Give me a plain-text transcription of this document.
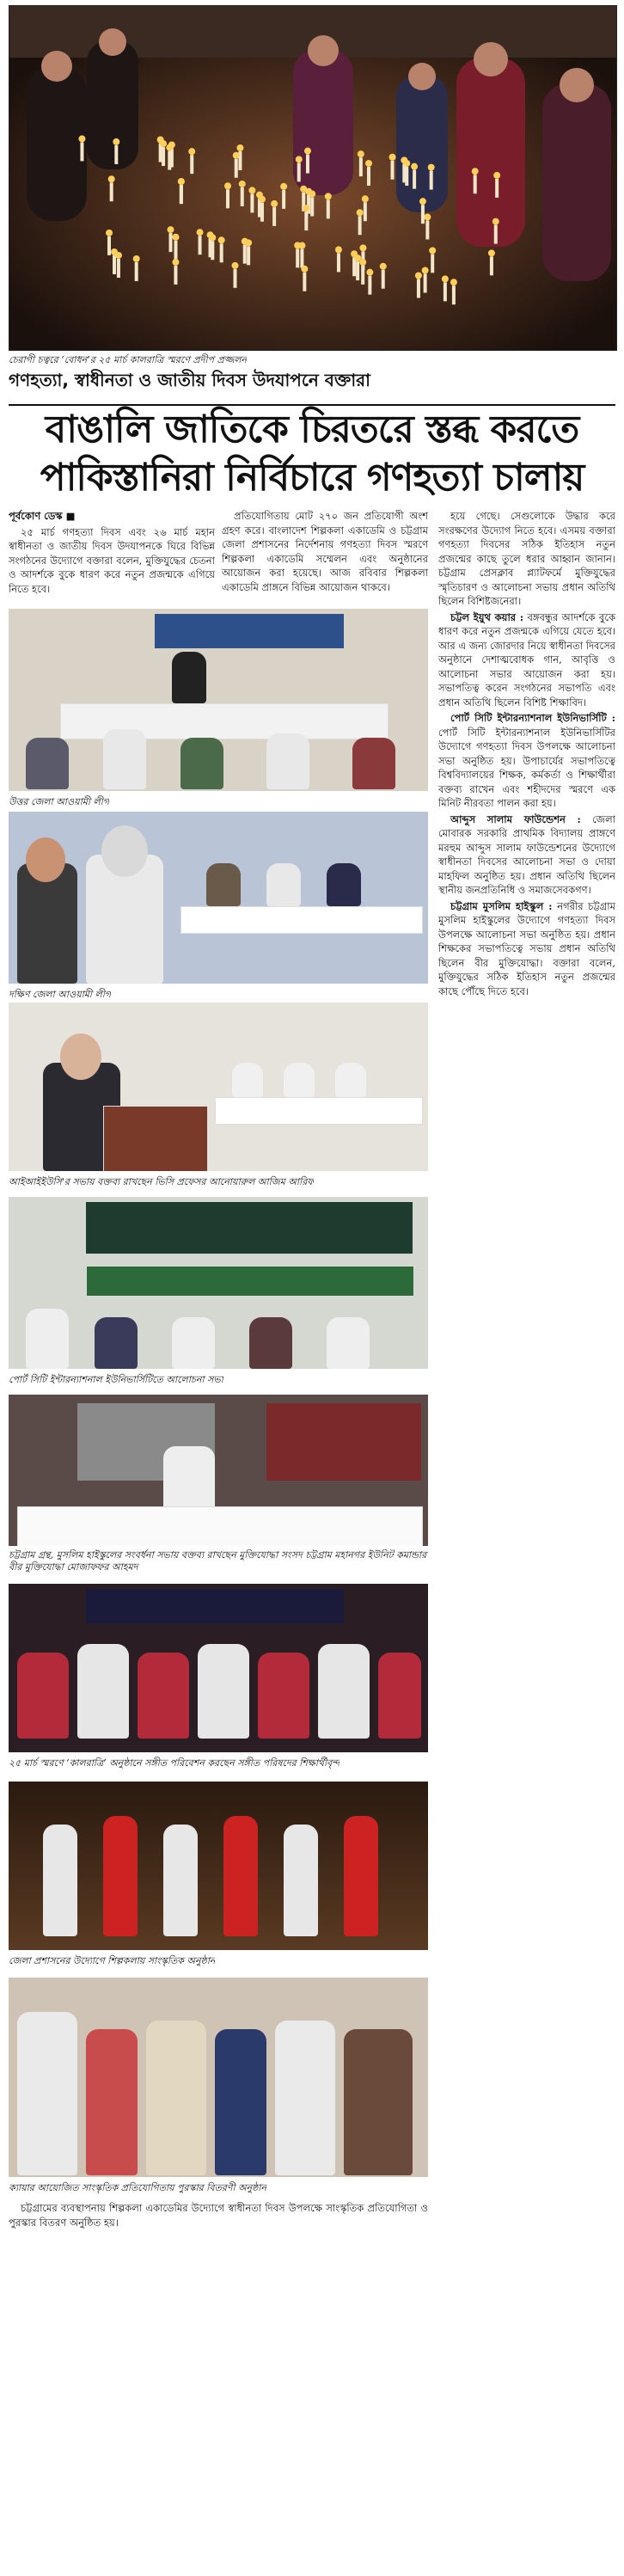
চেরাগী চত্বরে ‘বোধন’র ২৫ মার্চ কালরাত্রি স্মরণে প্রদীপ প্রজ্জলন
গণহত্যা, স্বাধীনতা ও জাতীয় দিবস উদযাপনে বক্তারা
বাঙালি জাতিকে চিরতরে স্তব্ধ করতে
পাকিস্তানিরা নির্বিচারে গণহত্যা চালায়

পূর্বকোণ ডেস্ক ■

২৫ মার্চ গণহত্যা দিবস এবং ২৬ মার্চ মহান স্বাধীনতা ও জাতীয় দিবস উদযাপনকে ঘিরে বিভিন্ন সংগঠনের উদ্যোগে বক্তারা বলেন, মুক্তিযুদ্ধের চেতনা ও আদর্শকে বুকে ধারণ করে নতুন প্রজন্মকে এগিয়ে নিতে হবে।

প্রতিযোগিতায় মোট ২৭০ জন প্রতিযোগী অংশ গ্রহণ করে। বাংলাদেশ শিল্পকলা একাডেমি ও চট্টগ্রাম জেলা প্রশাসনের নির্দেশনায় গণহত্যা দিবস স্মরণে শিল্পকলা একাডেমি সম্মেলন এবং অনুষ্ঠানের আয়োজন করা হয়েছে। আজ রবিবার শিল্পকলা একাডেমি প্রাঙ্গনে বিভিন্ন আয়োজন থাকবে।

হয়ে গেছে। সেগুলোকে উদ্ধার করে সংরক্ষণের উদ্যোগ নিতে হবে। এসময় বক্তারা গণহত্যা দিবসের সঠিক ইতিহাস নতুন প্রজন্মের কাছে তুলে ধরার আহ্বান জানান। চট্টগ্রাম প্রেসক্লাব প্ল্যাটফর্মে মুক্তিযুদ্ধের স্মৃতিচারণ ও আলোচনা সভায় প্রধান অতিথি ছিলেন বিশিষ্টজনেরা।

চট্টল ইয়ুথ কয়ার : বঙ্গবন্ধুর আদর্শকে বুকে ধারণ করে নতুন প্রজন্মকে এগিয়ে যেতে হবে। আর এ জন্য জোরদার নিয়ে স্বাধীনতা দিবসের অনুষ্ঠানে দেশাত্মবোধক গান, আবৃত্তি ও আলোচনা সভার আয়োজন করা হয়। সভাপতিত্ব করেন সংগঠনের সভাপতি এবং প্রধান অতিথি ছিলেন বিশিষ্ট শিক্ষাবিদ।

পোর্ট সিটি ইন্টারন্যাশনাল ইউনিভার্সিটি : পোর্ট সিটি ইন্টারন্যাশনাল ইউনিভার্সিটির উদ্যোগে গণহত্যা দিবস উপলক্ষে আলোচনা সভা অনুষ্ঠিত হয়। উপাচার্যের সভাপতিত্বে বিশ্ববিদ্যালয়ের শিক্ষক, কর্মকর্তা ও শিক্ষার্থীরা বক্তব্য রাখেন এবং শহীদদের স্মরণে এক মিনিট নীরবতা পালন করা হয়।

আব্দুস সালাম ফাউন্ডেশন : জেলা মোবারক সরকারি প্রাথমিক বিদ্যালয় প্রাঙ্গণে মরহুম আব্দুস সালাম ফাউন্ডেশনের উদ্যোগে স্বাধীনতা দিবসের আলোচনা সভা ও দোয়া মাহফিল অনুষ্ঠিত হয়। প্রধান অতিথি ছিলেন স্থানীয় জনপ্রতিনিধি ও সমাজসেবকগণ।

চট্টগ্রাম মুসলিম হাইস্কুল : নগরীর চট্টগ্রাম মুসলিম হাইস্কুলের উদ্যোগে গণহত্যা দিবস উপলক্ষে আলোচনা সভা অনুষ্ঠিত হয়। প্রধান শিক্ষকের সভাপতিত্বে সভায় প্রধান অতিথি ছিলেন বীর মুক্তিযোদ্ধা। বক্তারা বলেন, মুক্তিযুদ্ধের সঠিক ইতিহাস নতুন প্রজন্মের কাছে পৌঁছে দিতে হবে।

উত্তর জেলা আওয়ামী লীগ
দক্ষিণ জেলা আওয়ামী লীগ
আইআইইউসি'র সভায় বক্তব্য রাখছেন ভিসি প্রফেসর আনোয়ারুল আজিম আরিফ
পোর্ট সিটি ইন্টারন্যাশনাল ইউনিভার্সিটিতে আলোচনা সভা
চট্টগ্রাম গ্রন্থ, মুসলিম হাইস্কুলের সংবর্ধনা সভায় বক্তব্য রাখছেন মুক্তিযোদ্ধা সংসদ চট্টগ্রাম মহানগর ইউনিট কমান্ডার বীর মুক্তিযোদ্ধা মোজাফফর আহমদ
২৫ মার্চ স্মরণে ‘কালরাত্রি’ অনুষ্ঠানে সঙ্গীত পরিবেশন করছেন সঙ্গীত পরিষদের শিক্ষার্থীবৃন্দ
জেলা প্রশাসনের উদ্যোগে শিল্পকলায় সাংস্কৃতিক অনুষ্ঠান
ক্যায়ার আয়োজিত সাংস্কৃতিক প্রতিযোগিতায় পুরস্কার বিতরণী অনুষ্ঠান

চট্টগ্রামের ব্যবস্থাপনায় শিল্পকলা একাডেমির উদ্যোগে স্বাধীনতা দিবস উপলক্ষে সাংস্কৃতিক প্রতিযোগিতা ও পুরস্কার বিতরণ অনুষ্ঠিত হয়।
